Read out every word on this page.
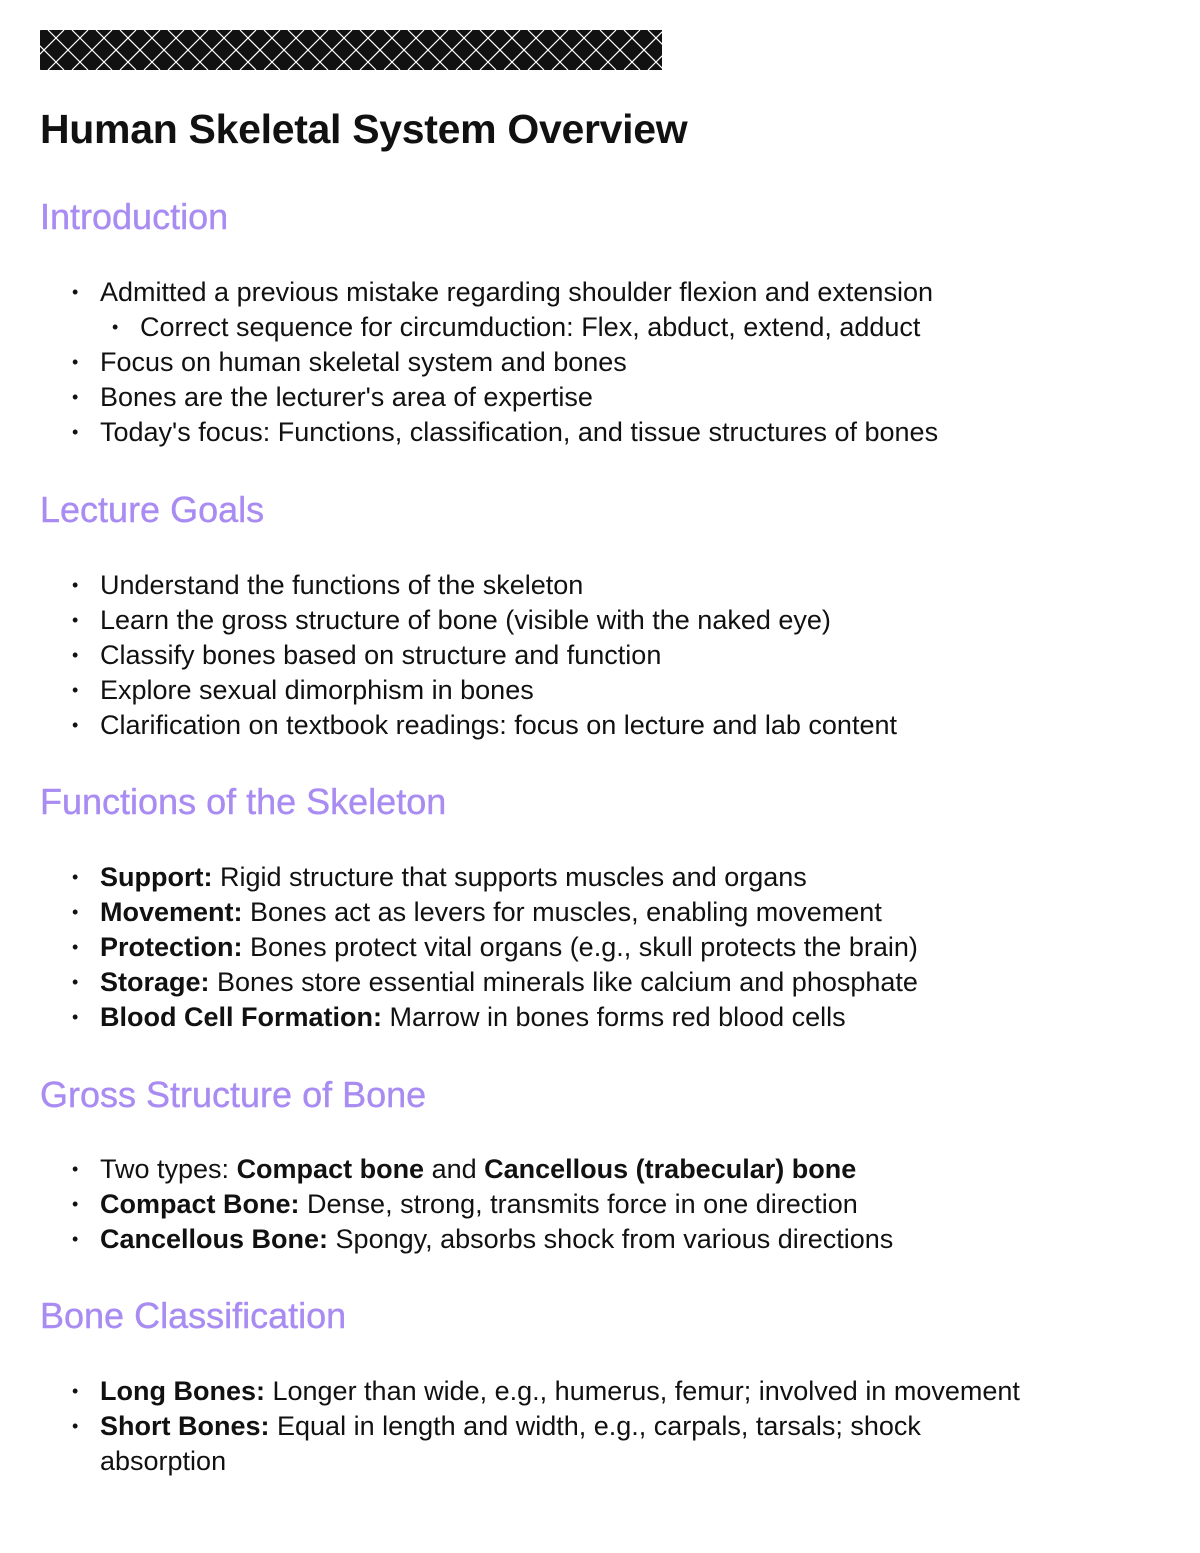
Human Skeletal System Overview
Introduction
• Admitted a previous mistake regarding shoulder flexion and extension
• Correct sequence for circumduction: Flex, abduct, extend, adduct
• Focus on human skeletal system and bones
• Bones are the lecturer's area of expertise
• Today's focus: Functions, classification, and tissue structures of bones
Lecture Goals
• Understand the functions of the skeleton
• Learn the gross structure of bone (visible with the naked eye)
• Classify bones based on structure and function
• Explore sexual dimorphism in bones
• Clarification on textbook readings: focus on lecture and lab content
Functions of the Skeleton
• Support: Rigid structure that supports muscles and organs
• Movement: Bones act as levers for muscles, enabling movement
• Protection: Bones protect vital organs (e.g., skull protects the brain)
• Storage: Bones store essential minerals like calcium and phosphate
• Blood Cell Formation: Marrow in bones forms red blood cells
Gross Structure of Bone
• Two types: Compact bone and Cancellous (trabecular) bone
• Compact Bone: Dense, strong, transmits force in one direction
• Cancellous Bone: Spongy, absorbs shock from various directions
Bone Classification
• Long Bones: Longer than wide, e.g., humerus, femur; involved in movement
• Short Bones: Equal in length and width, e.g., carpals, tarsals; shock absorption
